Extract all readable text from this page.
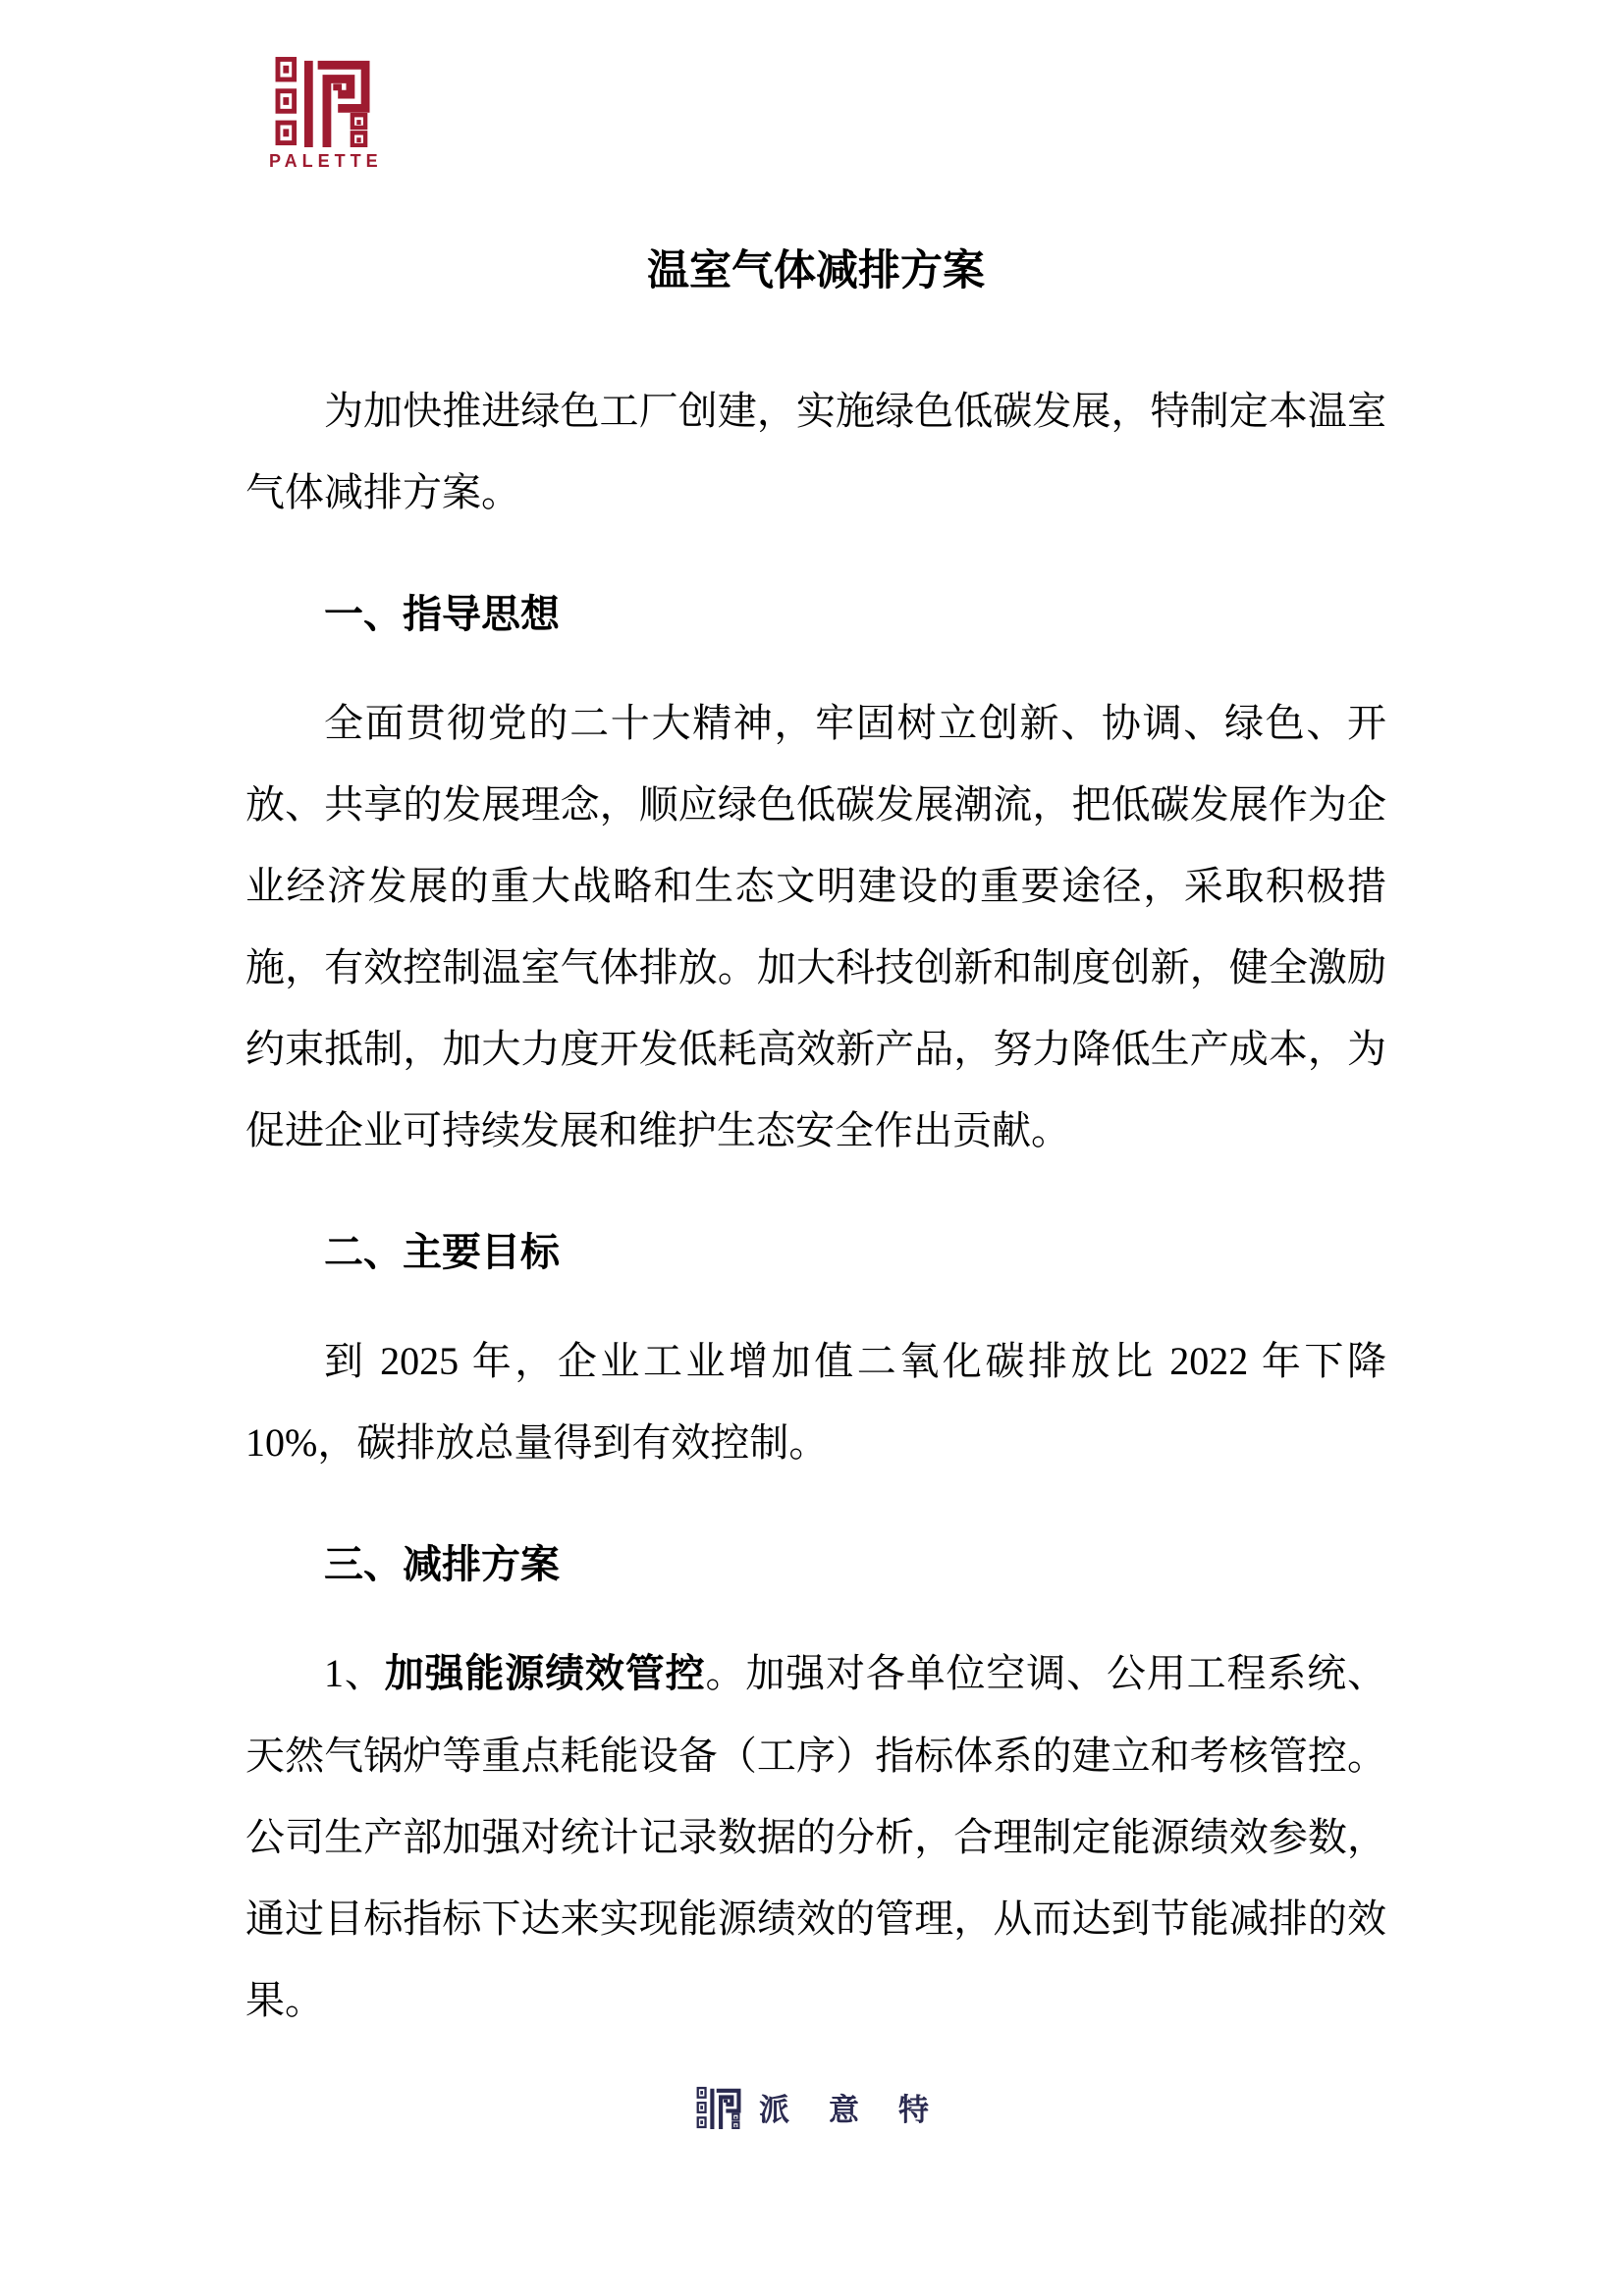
PALETTE
温室气体减排方案

为加快推进绿色工厂创建，实施绿色低碳发展，特制定本温室气体减排方案。

一、指导思想

全面贯彻党的二十大精神，牢固树立创新、协调、绿色、开放、共享的发展理念，顺应绿色低碳发展潮流，把低碳发展作为企业经济发展的重大战略和生态文明建设的重要途径，采取积极措施，有效控制温室气体排放。加大科技创新和制度创新，健全激励约束抵制，加大力度开发低耗高效新产品，努力降低生产成本，为促进企业可持续发展和维护生态安全作出贡献。

二、主要目标

到 2025 年，企业工业增加值二氧化碳排放比 2022 年下降 10%，碳排放总量得到有效控制。

三、减排方案

1、加强能源绩效管控。加强对各单位空调、公用工程系统、天然气锅炉等重点耗能设备（工序）指标体系的建立和考核管控。公司生产部加强对统计记录数据的分析，合理制定能源绩效参数，通过目标指标下达来实现能源绩效的管理，从而达到节能减排的效果。

派意特
